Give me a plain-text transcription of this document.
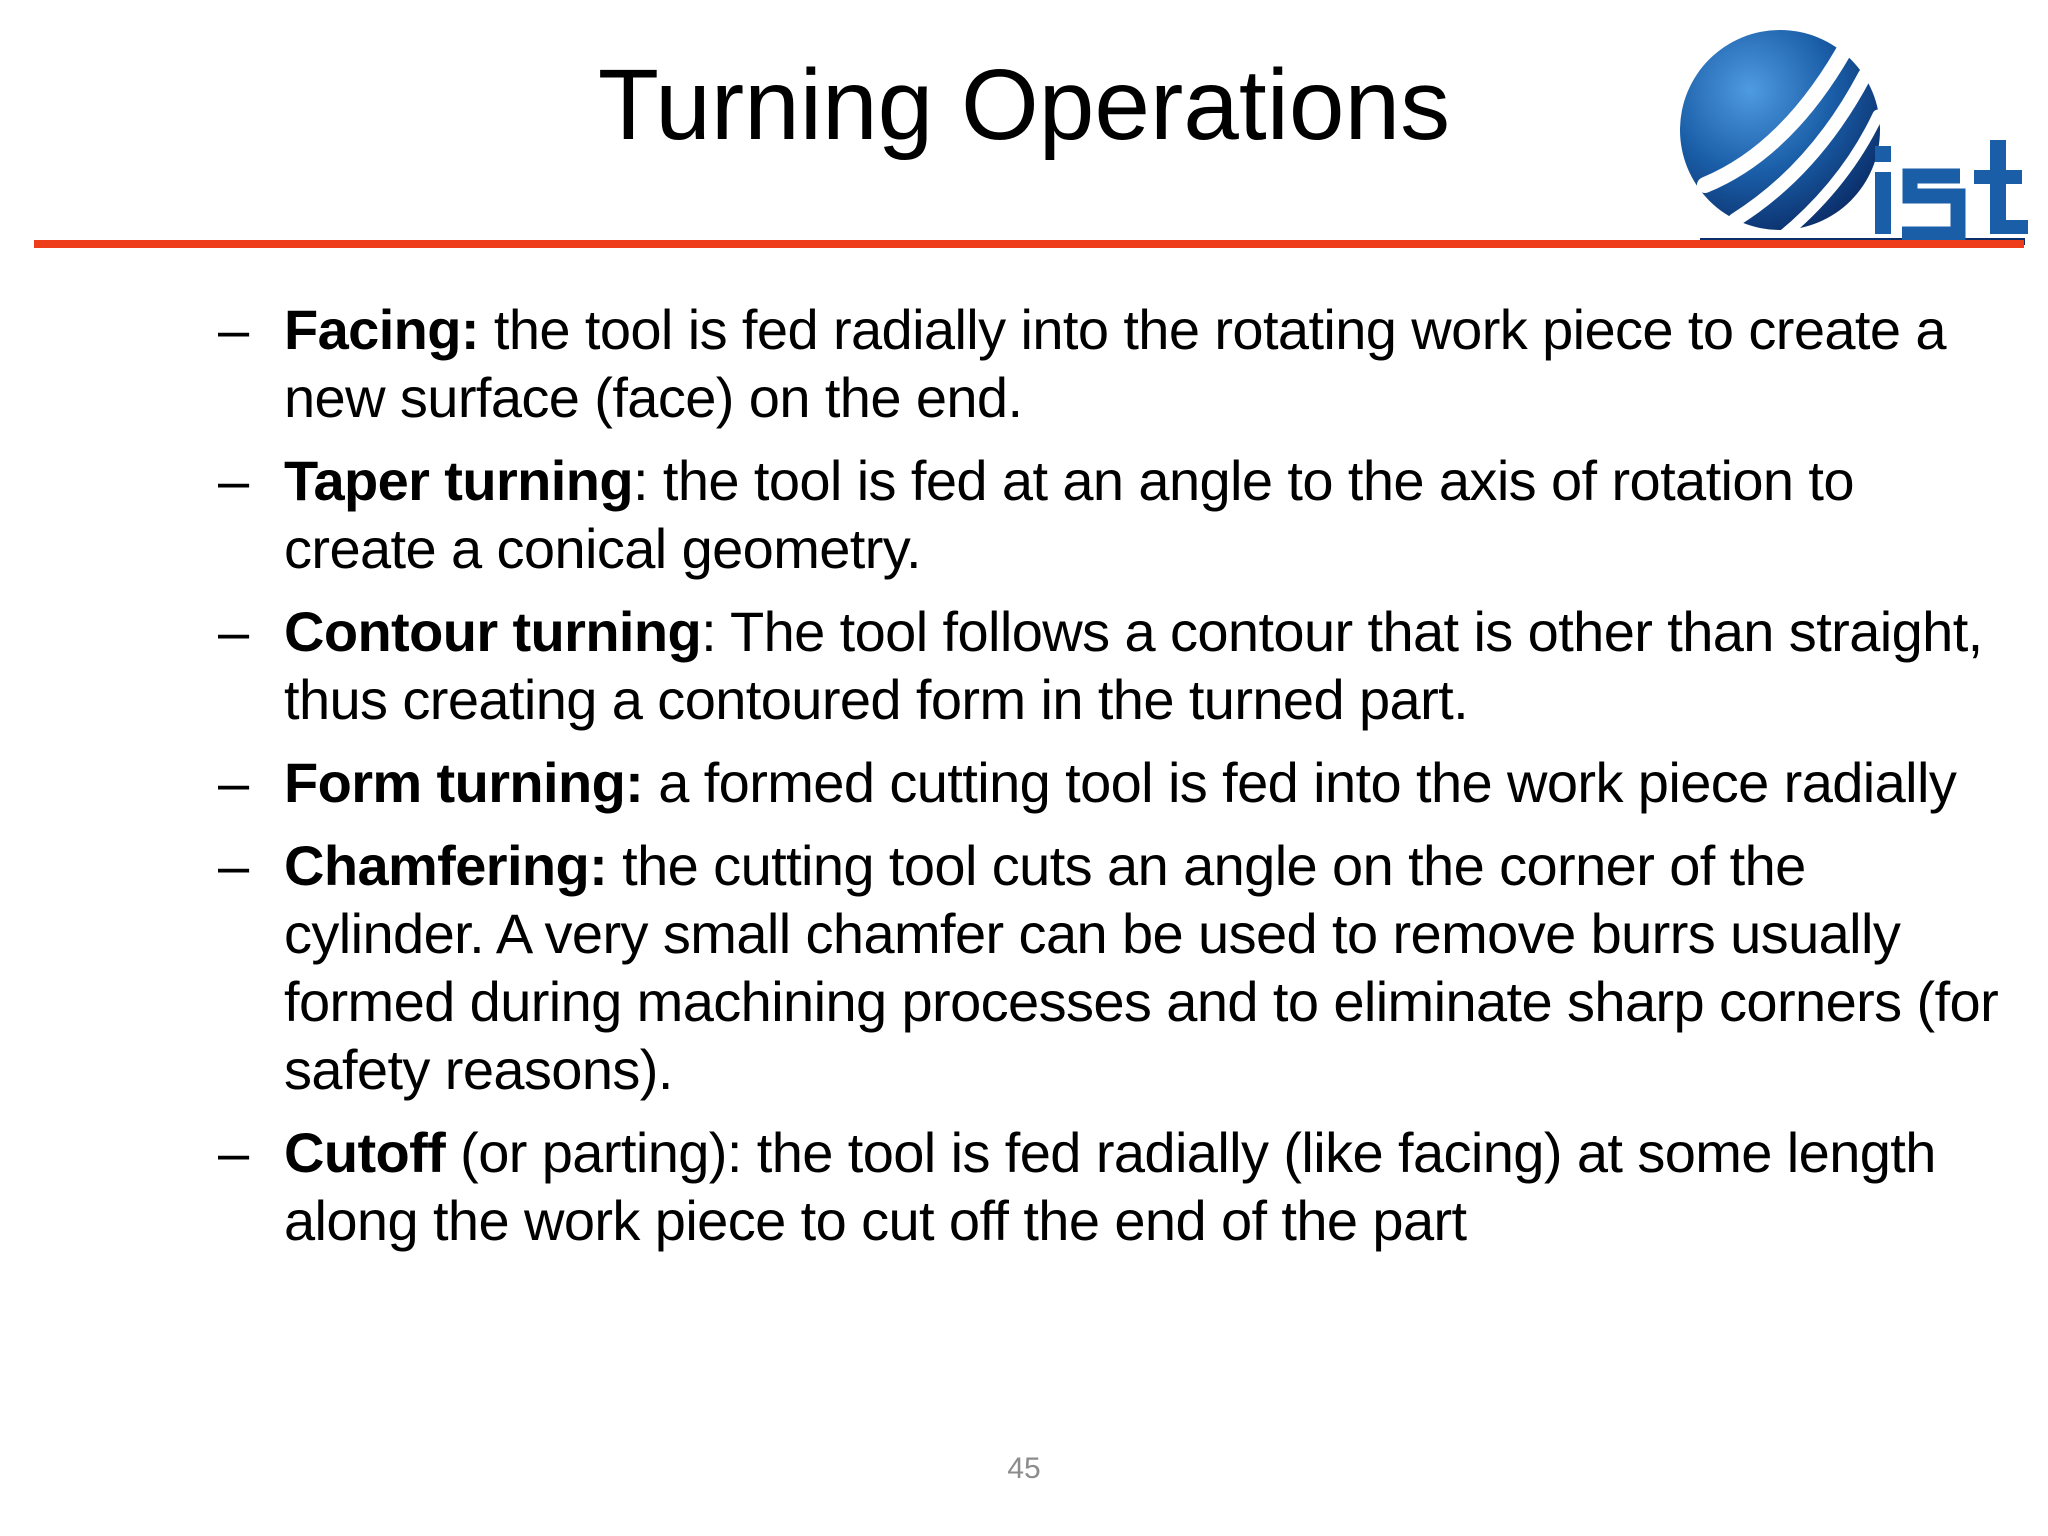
Turning Operations
– Facing: the tool is fed radially into the rotating work piece to create a new surface (face) on the end.
– Taper turning: the tool is fed at an angle to the axis of rotation to create a conical geometry.
– Contour turning: The tool follows a contour that is other than straight, thus creating a contoured form in the turned part.
– Form turning: a formed cutting tool is fed into the work piece radially
– Chamfering: the cutting tool cuts an angle on the corner of the cylinder. A very small chamfer can be used to remove burrs usually formed during machining processes and to eliminate sharp corners (for safety reasons).
– Cutoff (or parting): the tool is fed radially (like facing) at some length along the work piece to cut off the end of the part
45
